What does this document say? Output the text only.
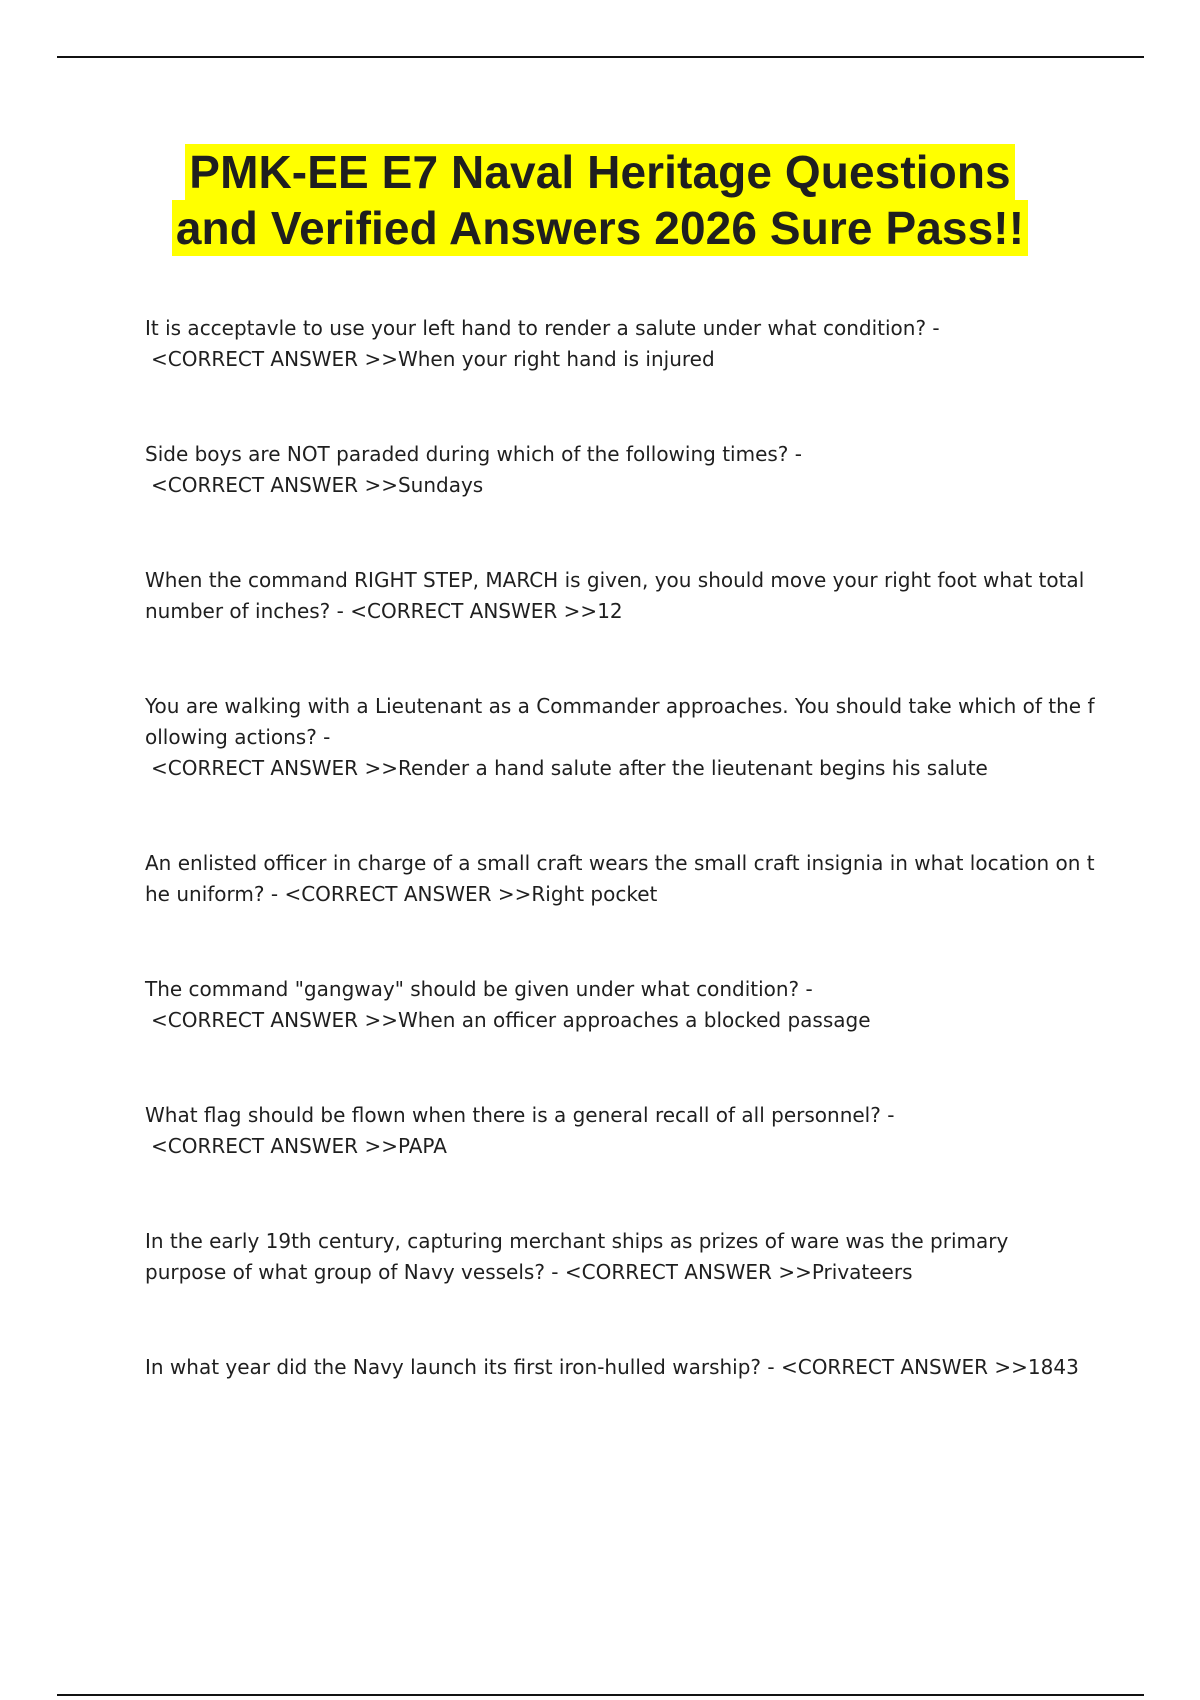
PMK-EE E7 Naval Heritage Questions
and Verified Answers 2026 Sure Pass!!
It is acceptavle to use your left hand to render a salute under what condition? -
<CORRECT ANSWER >>When your right hand is injured
Side boys are NOT paraded during which of the following times? -
<CORRECT ANSWER >>Sundays
When the command RIGHT STEP, MARCH is given, you should move your right foot what total number of inches? - <CORRECT ANSWER >>12
You are walking with a Lieutenant as a Commander approaches. You should take which of the f ollowing actions? -
<CORRECT ANSWER >>Render a hand salute after the lieutenant begins his salute
An enlisted officer in charge of a small craft wears the small craft insignia in what location on t he uniform? - <CORRECT ANSWER >>Right pocket
The command "gangway" should be given under what condition? -
<CORRECT ANSWER >>When an officer approaches a blocked passage
What flag should be flown when there is a general recall of all personnel? -
<CORRECT ANSWER >>PAPA
In the early 19th century, capturing merchant ships as prizes of ware was the primary purpose of what group of Navy vessels? - <CORRECT ANSWER >>Privateers
In what year did the Navy launch its first iron-hulled warship? - <CORRECT ANSWER >>1843
